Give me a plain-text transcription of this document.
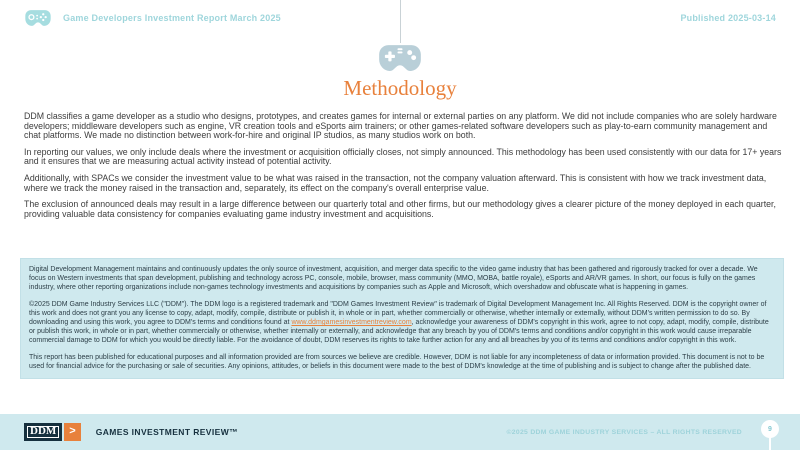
Game Developers Investment Report March 2025	Published 2025-03-14
Methodology

DDM classifies a game developer as a studio who designs, prototypes, and creates games for internal or external parties on any platform. We did not include companies who are solely hardware developers; middleware developers such as engine, VR creation tools and eSports aim trainers; or other games-related software developers such as play-to-earn community management and chat platforms. We made no distinction between work-for-hire and original IP studios, as many studios work on both.

In reporting our values, we only include deals where the investment or acquisition officially closes, not simply announced. This methodology has been used consistently with our data for 17+ years and it ensures that we are measuring actual activity instead of potential activity.

Additionally, with SPACs we consider the investment value to be what was raised in the transaction, not the company valuation afterward. This is consistent with how we track investment data, where we track the money raised in the transaction and, separately, its effect on the company's overall enterprise value.

The exclusion of announced deals may result in a large difference between our quarterly total and other firms, but our methodology gives a clearer picture of the money deployed in each quarter, providing valuable data consistency for companies evaluating game industry investment and acquisitions.

Digital Development Management maintains and continuously updates the only source of investment, acquisition, and merger data specific to the video game industry that has been gathered and rigorously tracked for over a decade. We focus on Western investments that span development, publishing and technology across PC, console, mobile, browser, mass community (MMO, MOBA, battle royale), eSports and AR/VR games. In short, our focus is fully on the games industry, where other reporting organizations include non-games technology investments and acquisitions by companies such as Apple and Microsoft, which overshadow and obfuscate what is happening in games.

©2025 DDM Game Industry Services LLC ("DDM"). The DDM logo is a registered trademark and "DDM Games Investment Review" is trademark of Digital Development Management Inc. All Rights Reserved. DDM is the copyright owner of this work and does not grant you any license to copy, adapt, modify, compile, distribute or publish it, in whole or in part, whether commercially or otherwise, whether internally or externally, without DDM's written permission to do so. By downloading and using this work, you agree to DDM's terms and conditions found at www.ddmgamesinvestmentreview.com, acknowledge your awareness of DDM's copyright in this work, agree to not copy, adapt, modify, compile, distribute or publish this work, in whole or in part, whether commercially or otherwise, whether internally or externally, and acknowledge that any breach by you of DDM's terms and conditions and/or copyright in this work would cause irreparable commercial damage to DDM for which you would be directly liable. For the avoidance of doubt, DDM reserves its rights to take further action for any and all breaches by you of its terms and conditions and/or copyright in this work.

This report has been published for educational purposes and all information provided are from sources we believe are credible. However, DDM is not liable for any incompleteness of data or information provided. This document is not to be used for financial advice for the purchasing or sale of securities. Any opinions, attitudes, or beliefs in this document were made to the best of DDM's knowledge at the time of publishing and is subject to change after the published date.

DDM	>	GAMES INVESTMENT REVIEW™	©2025 DDM GAME INDUSTRY SERVICES – ALL RIGHTS RESERVED	9
